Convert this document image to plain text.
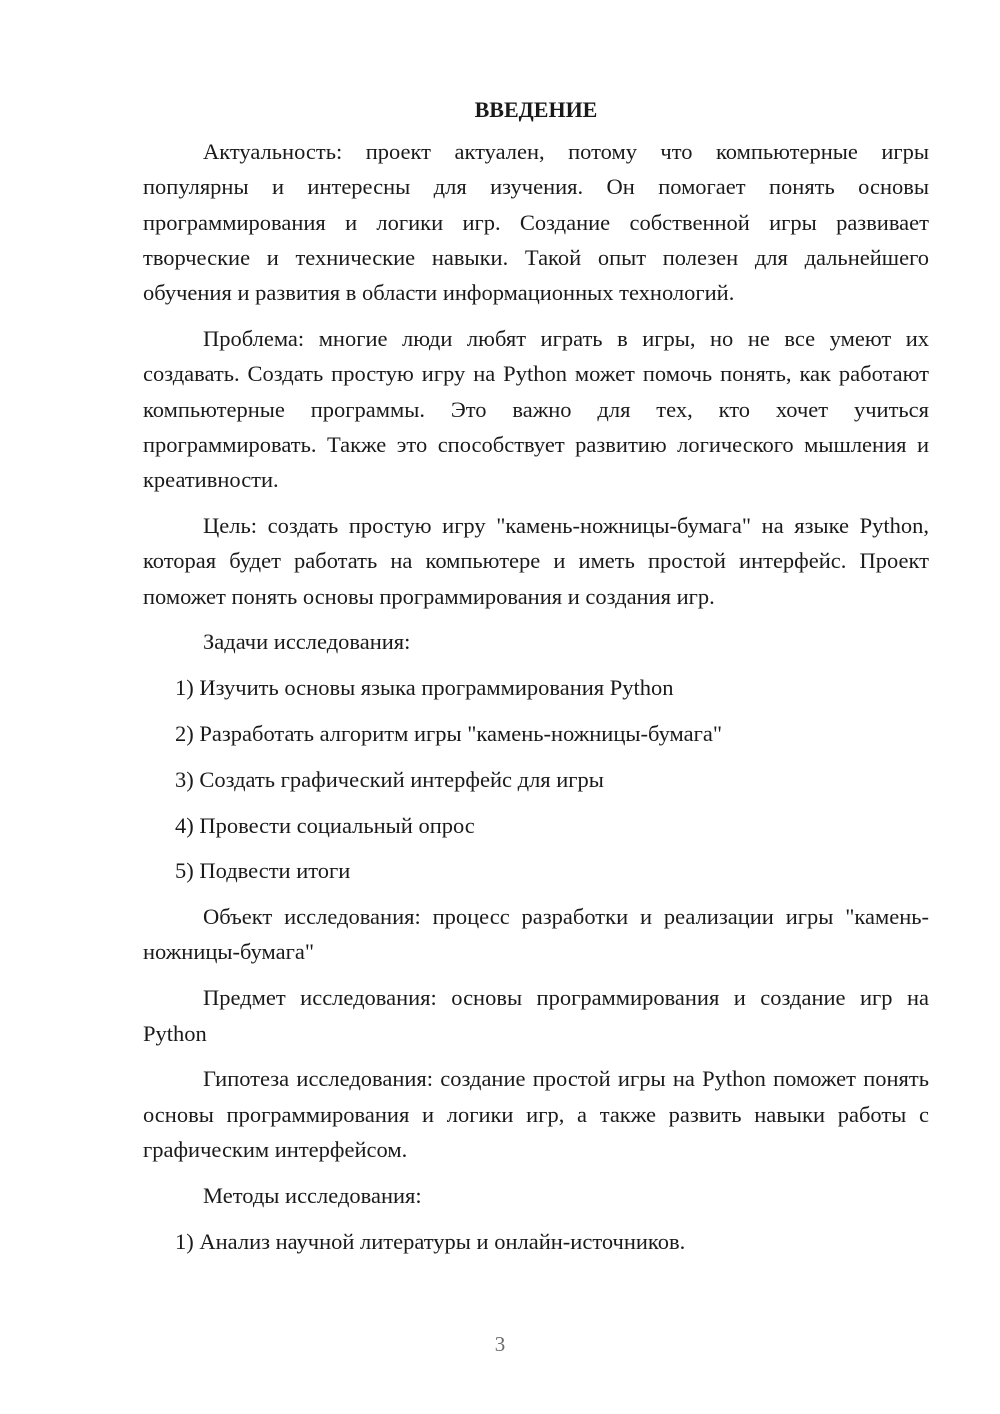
ВВЕДЕНИЕ

Актуальность: проект актуален, потому что компьютерные игры популярны и интересны для изучения. Он помогает понять основы программирования и логики игр. Создание собственной игры развивает творческие и технические навыки. Такой опыт полезен для дальнейшего обучения и развития в области информационных технологий.

Проблема: многие люди любят играть в игры, но не все умеют их создавать. Создать простую игру на Python может помочь понять, как работают компьютерные программы. Это важно для тех, кто хочет учиться программировать. Также это способствует развитию логического мышления и креативности.

Цель: создать простую игру "камень-ножницы-бумага" на языке Python, которая будет работать на компьютере и иметь простой интерфейс. Проект поможет понять основы программирования и создания игр.

Задачи исследования:

1) Изучить основы языка программирования Python
2) Разработать алгоритм игры "камень-ножницы-бумага"
3) Создать графический интерфейс для игры
4) Провести социальный опрос
5) Подвести итоги

Объект исследования: процесс разработки и реализации игры "камень-ножницы-бумага"

Предмет исследования: основы программирования и создание игр на Python

Гипотеза исследования: создание простой игры на Python поможет понять основы программирования и логики игр, а также развить навыки работы с графическим интерфейсом.

Методы исследования:

1) Анализ научной литературы и онлайн-источников.
3
